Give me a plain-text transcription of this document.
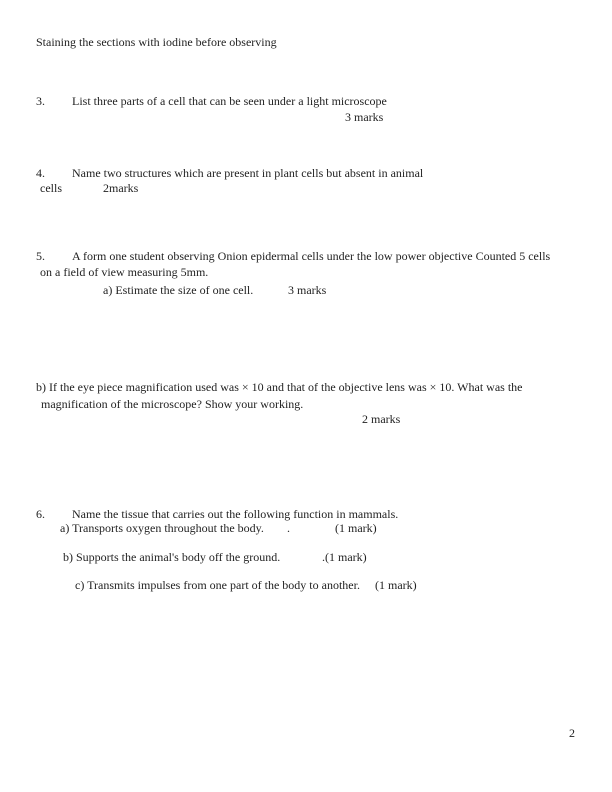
Staining the sections with iodine before observing
3. List three parts of a cell that can be seen under a light microscope
3 marks
4. Name two structures which are present in plant cells but absent in animal
cells	2marks
5. A form one student observing Onion epidermal cells under the low power objective Counted 5 cells
on a field of view measuring 5mm.
a) Estimate the size of one cell.	3 marks
b) If the eye piece magnification used was × 10 and that of the objective lens was × 10. What was the
magnification of the microscope? Show your working.
2 marks
6. Name the tissue that carries out the following function in mammals.
a) Transports oxygen throughout the body. .	(1 mark)
b) Supports the animal's body off the ground.	.(1 mark)
c) Transmits impulses from one part of the body to another. (1 mark)
2
